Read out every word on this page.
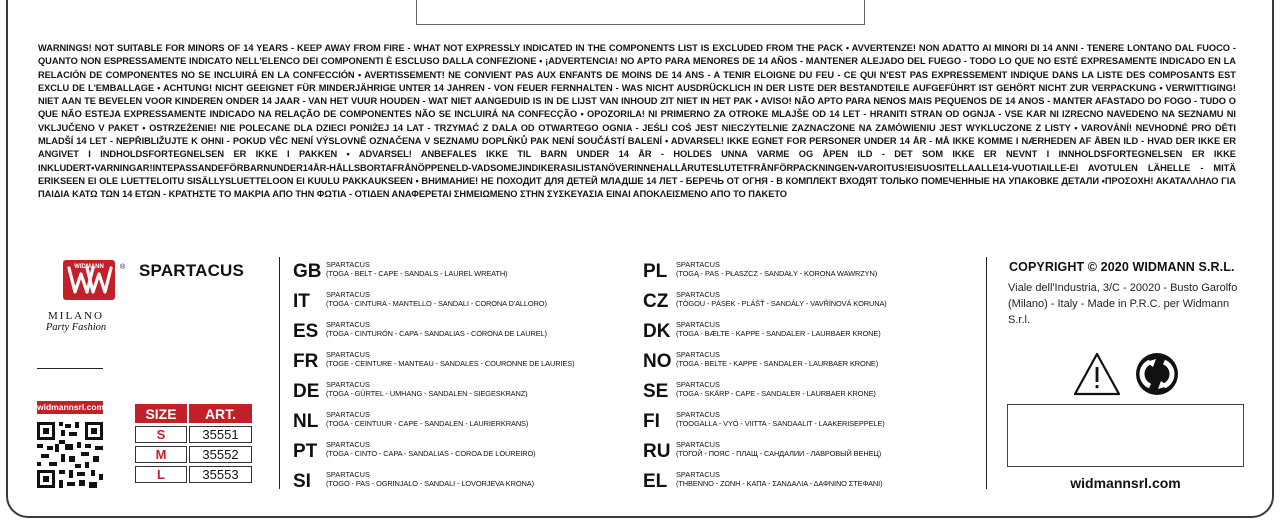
WARNINGS! NOT SUITABLE FOR MINORS OF 14 YEARS - KEEP AWAY FROM FIRE - WHAT NOT EXPRESSLY INDICATED IN THE COMPONENTS LIST IS EXCLUDED FROM THE PACK • AVVERTENZE! NON ADATTO AI MINORI DI 14 ANNI - TENERE LONTANO DAL FUOCO - QUANTO NON ESPRESSAMENTE INDICATO NELL'ELENCO DEI COMPONENTI È ESCLUSO DALLA CONFEZIONE • ¡ADVERTENCIA! NO APTO PARA MENORES DE 14 AÑOS - MANTENER ALEJADO DEL FUEGO - TODO LO QUE NO ESTÉ EXPRESAMENTE INDICADO EN LA RELACIÓN DE COMPONENTES NO SE INCLUIRÁ EN LA CONFECCIÓN • AVERTISSEMENT! NE CONVIENT PAS AUX ENFANTS DE MOINS DE 14 ANS - A TENIR ELOIGNE DU FEU - CE QUI N'EST PAS EXPRESSEMENT INDIQUE DANS LA LISTE DES COMPOSANTS EST EXCLU DE L'EMBALLAGE • ACHTUNG! NICHT GEEIGNET FÜR MINDERJÄHRIGE UNTER 14 JAHREN - VON FEUER FERNHALTEN - WAS NICHT AUSDRÜCKLICH IN DER LISTE DER BESTANDTEILE AUFGEFÜHRT IST GEHÖRT NICHT ZUR VERPACKUNG • VERWITTIGING! NIET AAN TE BEVELEN VOOR KINDEREN ONDER 14 JAAR - VAN HET VUUR HOUDEN - WAT NIET AANGEDUID IS IN DE LIJST VAN INHOUD ZIT NIET IN HET PAK • AVISO! NÃO APTO PARA NENOS MAIS PEQUENOS DE 14 ANOS - MANTER AFASTADO DO FOGO - TUDO O QUE NÃO ESTEJA EXPRESSAMENTE INDICADO NA RELAÇÃO DE COMPONENTES NÃO SE INCLUIRÁ NA CONFECÇÃO • OPOZORILA! NI PRIMERNO ZA OTROKE MLAJŠE OD 14 LET - HRANITI STRAN OD OGNJA - VSE KAR NI IZRECNO NAVEDENO NA SEZNAMU NI VKLJUČENO V PAKET • OSTRZEŻENIE! NIE POLECANE DLA DZIECI PONIŻEJ 14 LAT - TRZYMAĆ Z DALA OD OTWARTEGO OGNIA - JEŚLI COŚ JEST NIECZYTELNIE ZAZNACZONE NA ZAMÓWIENIU JEST WYKLUCZONE Z LISTY • VAROVÁNÍ! NEVHODNÉ PRO DĚTI MLADŠÍ 14 LET - NEPŘIBLIŽUJTE K OHNI - POKUD VĚC NENÍ VÝSLOVNĚ OZNAČENA V SEZNAMU DOPLŇKŮ PAK NENÍ SOUČÁSTÍ BALENÍ • ADVARSEL! IKKE EGNET FOR PERSONER UNDER 14 ÅR - MÅ IKKE KOMME I NÆRHEDEN AF ÅBEN ILD - HVAD DER IKKE ER ANGIVET I INDHOLDSFORTEGNELSEN ER IKKE I PAKKEN • ADVARSEL! ANBEFALES IKKE TIL BARN UNDER 14 ÅR - HOLDES UNNA VARME OG ÅPEN ILD - DET SOM IKKE ER NEVNT I INNHOLDSFORTEGNELSEN ER IKKE INKLUDERT•VARNINGAR!INTEPASSANDEFÖRBARNUNDER14ÅR-HÅLLSBORTAFRÅNÖPPENELD-VADSOMEJINDIKERASILISTANÖVERINNEHALLÅRUTESLUTETFRÅNFÖRPACKNINGEN•VAROITUS!EISUOSITELLAALLE14-VUOTIAILLE-EI AVOTULEN LÄHELLE - MITÄ ERIKSEEN EI OLE LUETTELOITU SISÄLLYSLUETTELOON EI KUULU PAKKAUKSEEN • ВНИМАНИЕ! НЕ ПОХОДИТ ДЛЯ ДЕТЕЙ МЛАДШЕ 14 ЛЕТ - БЕРЕЧЬ ОТ ОГНЯ - В КОМПЛЕКТ ВХОДЯТ ТОЛЬКО ПОМЕЧЕННЫЕ НА УПАКОВКЕ ДЕТАЛИ •ΠΡΟΣΟΧΗ! ΑΚΑΤΑΛΛΗΛΟ ΓΙΑ ΠΑΙΔΙΑ ΚΑΤΩ ΤΩΝ 14 ΕΤΩΝ - ΚΡΑΤΗΣΤΕ ΤΟ ΜΑΚΡΙΑ ΑΠΟ ΤΗΝ ΦΩΤΙΑ - ΟΤΙΔΕΝ ΑΝΑΦΕΡΕΤΑΙ ΣΗΜΕΙΩΜΕΝΟ ΣΤΗΝ ΣΥΣΚΕΥΑΣΙΑ ΕΙΝΑΙ ΑΠΟΚΛΕΙΣΜΕΝΟ ΑΠΟ ΤΟ ΠΑΚΕΤΟ
WIDMANN ®
MILANO
Party Fashion
SPARTACUS
widmannsrl.com	SIZE	ART.
S	35551
M	35552
L	35553
GB SPARTACUS
(TOGA - BELT - CAPE - SANDALS - LAUREL WREATH)
IT SPARTACUS
(TOGA - CINTURA - MANTELLO - SANDALI - CORONA D'ALLORO)
ES SPARTACUS
(TOGA - CINTURÓN - CAPA - SANDALIAS - CORONA DE LAUREL)
FR SPARTACUS
(TOGE - CEINTURE - MANTEAU - SANDALES - COURONNE DE LAURIES)
DE SPARTACUS
(TOGA - GÜRTEL - UMHANG - SANDALEN - SIEGESKRANZ)
NL SPARTACUS
(TOGA - CEINTUUR - CAPE - SANDALEN - LAURIERKRANS)
PT SPARTACUS
(TOGA - CINTO - CAPA - SANDALIAS - COROA DE LOUREIRO)
SI SPARTACUS
(TOGO - PAS - OGRINJALO - SANDALI - LOVORJEVA KRONA)
PL SPARTACUS
(TOGĄ - PAS - PŁASZCZ - SANDAŁY - KORONA WAWRZYN)
CZ SPARTACUS
(TÓGOU - PÁSEK - PLÁŠŤ - SANDÁLY - VAVŘÍNOVÁ KORUNA)
DK SPARTACUS
(TOGA - BÆLTE - KAPPE - SANDALER - LAURBAER KRONE)
NO SPARTACUS
(TOGA - BELTE - KAPPE - SANDALER - LAURBAER KRONE)
SE SPARTACUS
(TOGA - SKÄRP - CAPE - SANDALER - LAURBAER KRONE)
FI SPARTACUS
(TOOGALLA - VYÖ - VIITTA - SANDAALIT - LAAKERISEPPELE)
RU SPARTACUS
(ТОГОЙ - ПОЯС - ПЛАЩ - САНДАЛИИ - ЛАВРОВЫЙ ВЕНЕЦ)
EL SPARTACUS
(ΤΗΒΕΝΝΟ - ΖΩΝΗ - ΚΑΠΑ - ΣΑΝΔΑΛΙΑ - ΔΑΦΝΙΝΟ ΣΤΕΦΑΝΙ)
COPYRIGHT © 2020 WIDMANN S.R.L.
Viale dell'Industria, 3/C - 20020 - Busto Garolfo (Milano) - Italy - Made in P.R.C. per Widmann S.r.l.
widmannsrl.com
